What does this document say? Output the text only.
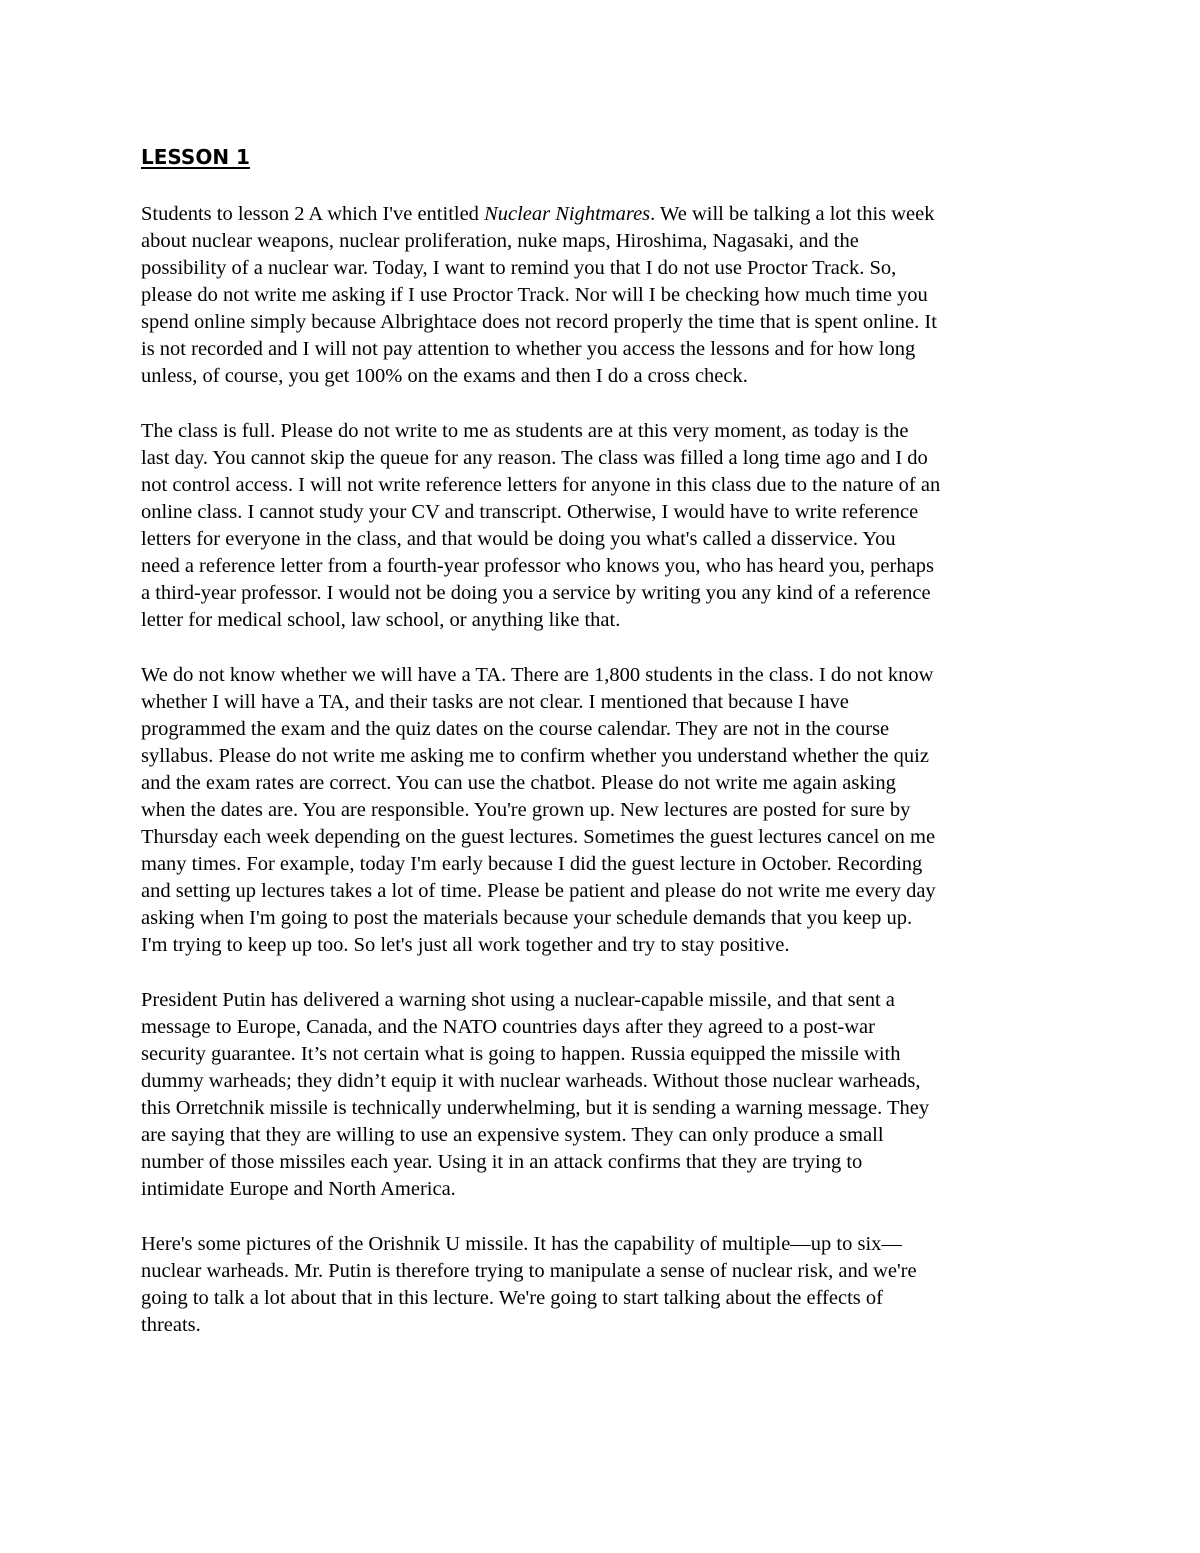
LESSON 1

Students to lesson 2 A which I've entitled Nuclear Nightmares. We will be talking a lot this week
about nuclear weapons, nuclear proliferation, nuke maps, Hiroshima, Nagasaki, and the
possibility of a nuclear war. Today, I want to remind you that I do not use Proctor Track. So,
please do not write me asking if I use Proctor Track. Nor will I be checking how much time you
spend online simply because Albrightace does not record properly the time that is spent online. It
is not recorded and I will not pay attention to whether you access the lessons and for how long
unless, of course, you get 100% on the exams and then I do a cross check.

The class is full. Please do not write to me as students are at this very moment, as today is the
last day. You cannot skip the queue for any reason. The class was filled a long time ago and I do
not control access. I will not write reference letters for anyone in this class due to the nature of an
online class. I cannot study your CV and transcript. Otherwise, I would have to write reference
letters for everyone in the class, and that would be doing you what's called a disservice. You
need a reference letter from a fourth-year professor who knows you, who has heard you, perhaps
a third-year professor. I would not be doing you a service by writing you any kind of a reference
letter for medical school, law school, or anything like that.

We do not know whether we will have a TA. There are 1,800 students in the class. I do not know
whether I will have a TA, and their tasks are not clear. I mentioned that because I have
programmed the exam and the quiz dates on the course calendar. They are not in the course
syllabus. Please do not write me asking me to confirm whether you understand whether the quiz
and the exam rates are correct. You can use the chatbot. Please do not write me again asking
when the dates are. You are responsible. You're grown up. New lectures are posted for sure by
Thursday each week depending on the guest lectures. Sometimes the guest lectures cancel on me
many times. For example, today I'm early because I did the guest lecture in October. Recording
and setting up lectures takes a lot of time. Please be patient and please do not write me every day
asking when I'm going to post the materials because your schedule demands that you keep up.
I'm trying to keep up too. So let's just all work together and try to stay positive.

President Putin has delivered a warning shot using a nuclear-capable missile, and that sent a
message to Europe, Canada, and the NATO countries days after they agreed to a post-war
security guarantee. It’s not certain what is going to happen. Russia equipped the missile with
dummy warheads; they didn’t equip it with nuclear warheads. Without those nuclear warheads,
this Orretchnik missile is technically underwhelming, but it is sending a warning message. They
are saying that they are willing to use an expensive system. They can only produce a small
number of those missiles each year. Using it in an attack confirms that they are trying to
intimidate Europe and North America.

Here's some pictures of the Orishnik U missile. It has the capability of multiple—up to six—
nuclear warheads. Mr. Putin is therefore trying to manipulate a sense of nuclear risk, and we're
going to talk a lot about that in this lecture. We're going to start talking about the effects of
threats.
